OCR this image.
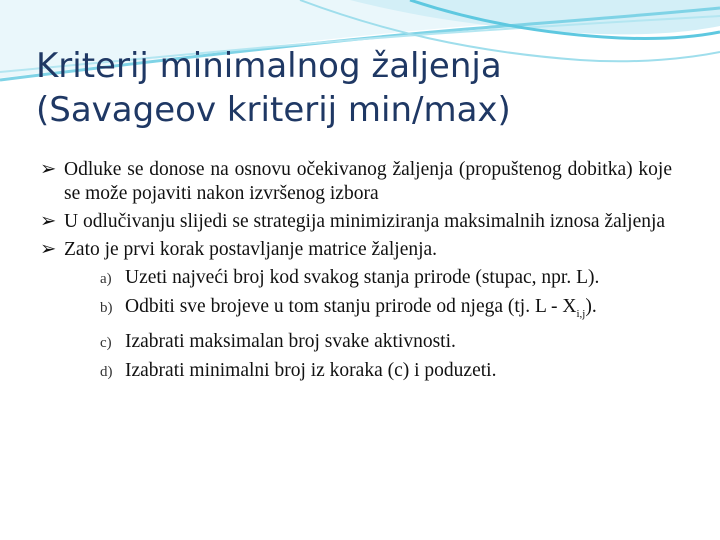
Kriterij minimalnog žaljenja
(Savageov kriterij min/max)

➢ Odluke se donose na osnovu očekivanog žaljenja (propuštenog dobitka) koje se može pojaviti nakon izvršenog izbora

➢ U odlučivanju slijedi se strategija minimiziranja maksimalnih iznosa žaljenja

➢ Zato je prvi korak postavljanje matrice žaljenja.

a) Uzeti najveći broj kod svakog stanja prirode (stupac, npr. L).

b) Odbiti sve brojeve u tom stanju prirode od njega (tj. L - $X_{i,j}$).

c) Izabrati maksimalan broj svake aktivnosti.

d) Izabrati minimalni broj iz koraka (c) i poduzeti.
